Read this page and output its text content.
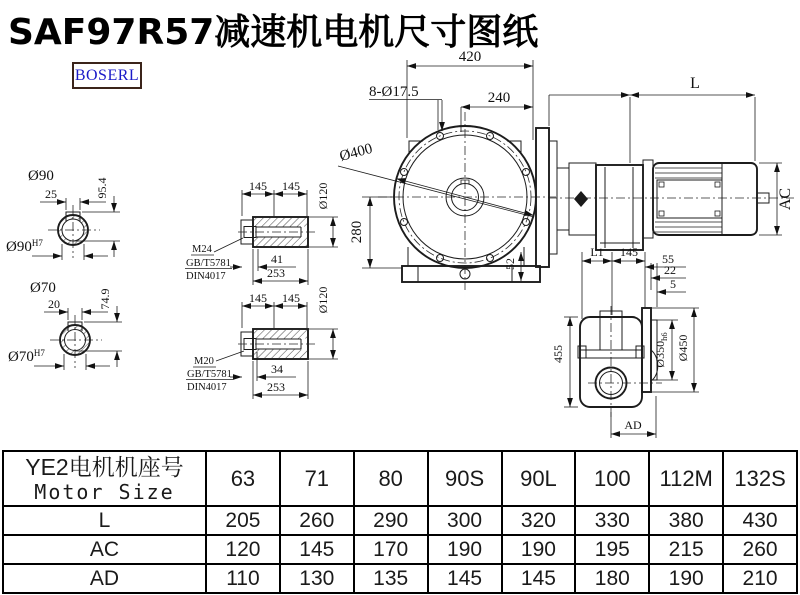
SAF97R57减速机电机尺寸图纸
BOSERL
25	95.4
Ø90
$Ø90^{H7}$
20	74.9
Ø70
$Ø70^{H7}$
145 145 Ø120
M24
GB/T5781
DIN4017
41
253
145 145 Ø120
M20
GB/T5781
DIN4017
34
253
420
240
8-Ø17.5
Ø400
280
52
L
AC
L1 145 55
22
5
455	$Ø350_{h6}$ Ø450
AD
YE2电机机座号
Motor Size	63	71	80	90S	90L	100	112M	132S
L	205	260	290	300	320	330	380	430
AC	120	145	170	190	190	195	215	260
AD	110	130	135	145	145	180	190	210
